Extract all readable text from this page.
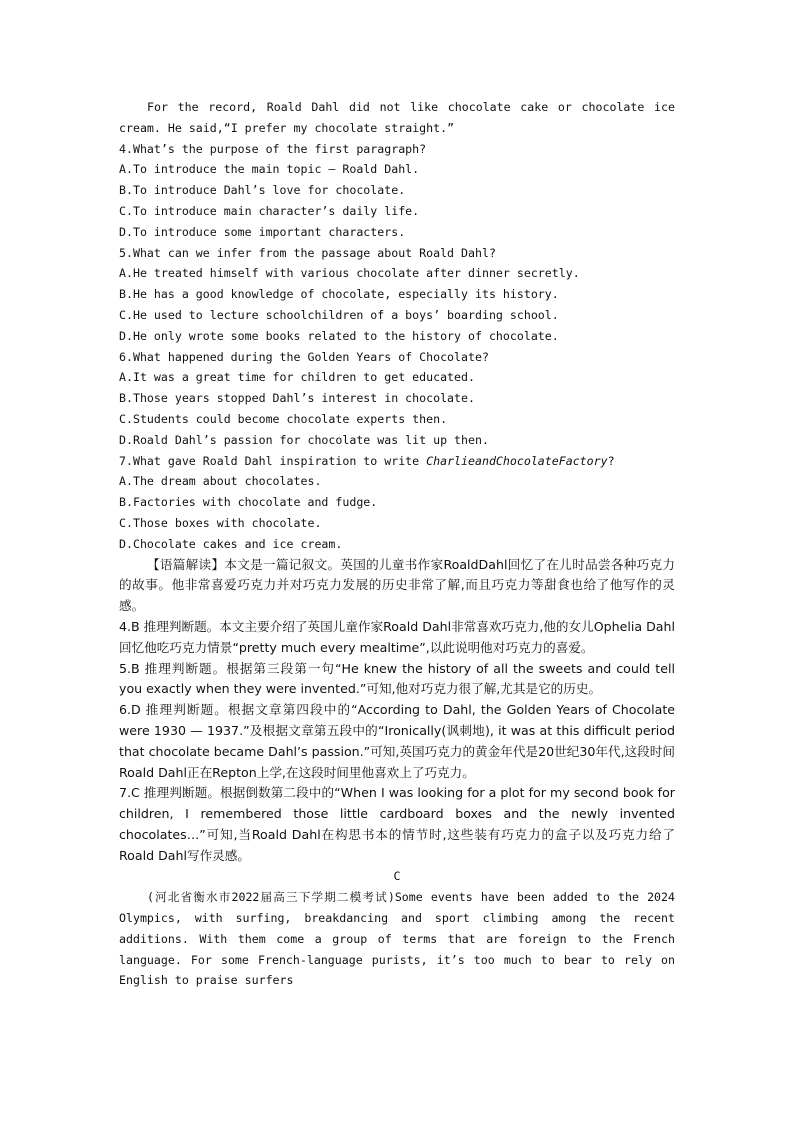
For the record, Roald Dahl did not like chocolate cake or chocolate ice cream. He said,“I prefer my chocolate straight.”

4.What’s the purpose of the first paragraph?

A.To introduce the main topic — Roald Dahl.

B.To introduce Dahl’s love for chocolate.

C.To introduce main character’s daily life.

D.To introduce some important characters.

5.What can we infer from the passage about Roald Dahl?

A.He treated himself with various chocolate after dinner secretly.

B.He has a good knowledge of chocolate, especially its history.

C.He used to lecture schoolchildren of a boys’ boarding school.

D.He only wrote some books related to the history of chocolate.

6.What happened during the Golden Years of Chocolate?

A.It was a great time for children to get educated.

B.Those years stopped Dahl’s interest in chocolate.

C.Students could become chocolate experts then.

D.Roald Dahl’s passion for chocolate was lit up then.

7.What gave Roald Dahl inspiration to write CharlieandChocolateFactory?

A.The dream about chocolates.

B.Factories with chocolate and fudge.

C.Those boxes with chocolate.

D.Chocolate cakes and ice cream.

【语篇解读】本文是一篇记叙文。英国的儿童书作家RoaldDahl回忆了在儿时品尝各种巧克力的故事。他非常喜爱巧克力并对巧克力发展的历史非常了解,而且巧克力等甜食也给了他写作的灵感。

4.B 推理判断题。本文主要介绍了英国儿童作家Roald Dahl非常喜欢巧克力,他的女儿Ophelia Dahl回忆他吃巧克力情景“pretty much every mealtime”,以此说明他对巧克力的喜爱。

5.B 推理判断题。根据第三段第一句“He knew the history of all the sweets and could tell you exactly when they were invented.”可知,他对巧克力很了解,尤其是它的历史。

6.D 推理判断题。根据文章第四段中的“According to Dahl, the Golden Years of Chocolate were 1930 — 1937.”及根据文章第五段中的“Ironically(讽刺地), it was at this difficult period that chocolate became Dahl’s passion.”可知,英国巧克力的黄金年代是20世纪30年代,这段时间Roald Dahl正在Repton上学,在这段时间里他喜欢上了巧克力。

7.C 推理判断题。根据倒数第二段中的“When I was looking for a plot for my second book for children, I remembered those little cardboard boxes and the newly invented chocolates…”可知,当Roald Dahl在构思书本的情节时,这些装有巧克力的盒子以及巧克力给了Roald Dahl写作灵感。

C

(河北省衡水市2022届高三下学期二模考试)Some events have been added to the 2024 Olympics, with surfing, breakdancing and sport climbing among the recent additions. With them come a group of terms that are foreign to the French language. For some French-language purists, it’s too much to bear to rely on English to praise surfers
